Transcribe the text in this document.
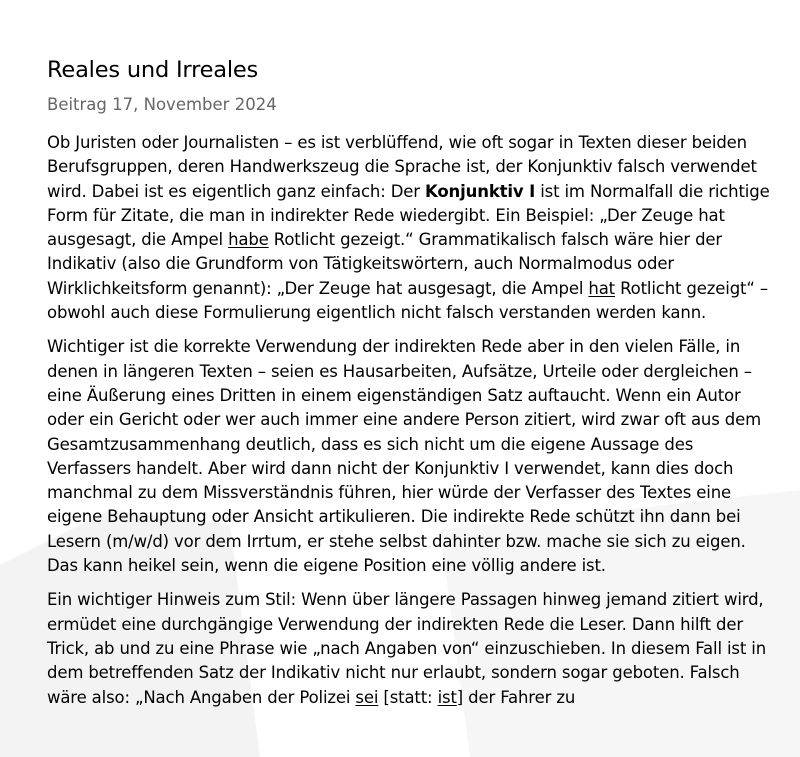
Reales und Irreales
Beitrag 17, November 2024

Ob Juristen oder Journalisten – es ist verblüffend, wie oft sogar in Texten dieser beiden Berufsgruppen, deren Handwerkszeug die Sprache ist, der Konjunktiv falsch verwendet wird. Dabei ist es eigentlich ganz einfach: Der Konjunktiv I ist im Normalfall die richtige Form für Zitate, die man in indirekter Rede wiedergibt. Ein Beispiel: „Der Zeuge hat ausgesagt, die Ampel habe Rotlicht gezeigt.“ Grammatikalisch falsch wäre hier der Indikativ (also die Grundform von Tätigkeitswörtern, auch Normalmodus oder Wirklichkeitsform genannt): „Der Zeuge hat ausgesagt, die Ampel hat Rotlicht gezeigt“ – obwohl auch diese Formulierung eigentlich nicht falsch verstanden werden kann.

Wichtiger ist die korrekte Verwendung der indirekten Rede aber in den vielen Fälle, in denen in längeren Texten – seien es Hausarbeiten, Aufsätze, Urteile oder dergleichen – eine Äußerung eines Dritten in einem eigenständigen Satz auftaucht. Wenn ein Autor oder ein Gericht oder wer auch immer eine andere Person zitiert, wird zwar oft aus dem Gesamtzusammenhang deutlich, dass es sich nicht um die eigene Aussage des Verfassers handelt. Aber wird dann nicht der Konjunktiv I verwendet, kann dies doch manchmal zu dem Missverständnis führen, hier würde der Verfasser des Textes eine eigene Behauptung oder Ansicht artikulieren. Die indirekte Rede schützt ihn dann bei Lesern (m/w/d) vor dem Irrtum, er stehe selbst dahinter bzw. mache sie sich zu eigen. Das kann heikel sein, wenn die eigene Position eine völlig andere ist.

Ein wichtiger Hinweis zum Stil: Wenn über längere Passagen hinweg jemand zitiert wird, ermüdet eine durchgängige Verwendung der indirekten Rede die Leser. Dann hilft der Trick, ab und zu eine Phrase wie „nach Angaben von“ einzuschieben. In diesem Fall ist in dem betreffenden Satz der Indikativ nicht nur erlaubt, sondern sogar geboten. Falsch wäre also: „Nach Angaben der Polizei sei [statt: ist] der Fahrer zu
